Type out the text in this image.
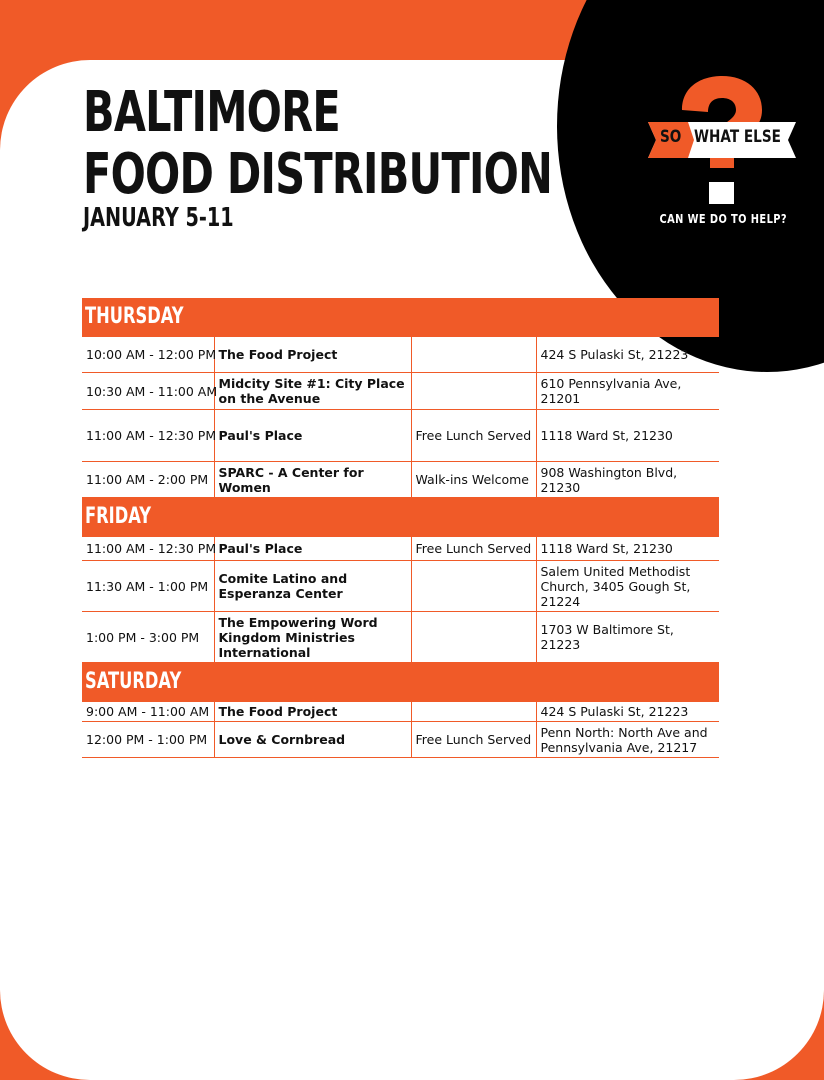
BALTIMORE
FOOD DISTRIBUTION
JANUARY 5-11
SO WHAT ELSE
CAN WE DO TO HELP?
THURSDAY			
10:00 AM - 12:00 PM	The Food Project		424 S Pulaski St, 21223
10:30 AM - 11:00 AM	Midcity Site #1: City Place on the Avenue		610 Pennsylvania Ave, 21201
11:00 AM - 12:30 PM	Paul's Place	Free Lunch Served	1118 Ward St, 21230
11:00 AM - 2:00 PM	SPARC - A Center for Women	Walk-ins Welcome	908 Washington Blvd, 21230
FRIDAY			
11:00 AM - 12:30 PM	Paul's Place	Free Lunch Served	1118 Ward St, 21230
11:30 AM - 1:00 PM	Comite Latino and Esperanza Center		Salem United Methodist Church, 3405 Gough St, 21224
1:00 PM - 3:00 PM	The Empowering Word Kingdom Ministries International		1703 W Baltimore St, 21223
SATURDAY			
9:00 AM - 11:00 AM	The Food Project		424 S Pulaski St, 21223
12:00 PM - 1:00 PM	Love & Cornbread	Free Lunch Served	Penn North: North Ave and Pennsylvania Ave, 21217
